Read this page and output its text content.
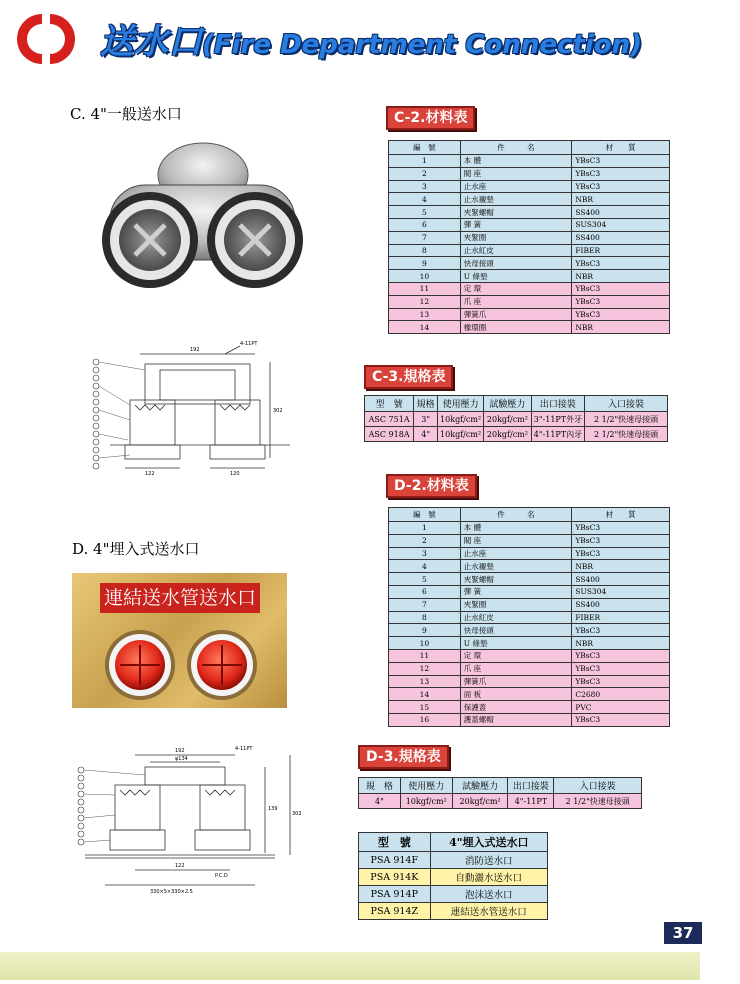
送水口(Fire Department Connection)
C. 4"一般送水口
192
4-11PT
302
122	120
C-2.材料表
編　號	件　　　名	材　　質
1	本 體	YBsC3
2	閥 座	YBsC3
3	止水座	YBsC3
4	止水襯墊	NBR
5	夾緊螺帽	SS400
6	彈 簧	SUS304
7	夾緊圈	SS400
8	止水紅皮	FIBER
9	快母接頭	YBsC3
10	U 條墊	NBR
11	定 環	YBsC3
12	爪 座	YBsC3
13	彈簧爪	YBsC3
14	橡環圈	NBR
C-3.規格表
型　號	規格	使用壓力	試驗壓力	出口接裝	入口接裝
ASC 751A	3"	10kgf/cm²	20kgf/cm²	3"-11PT外牙	2 1/2"快速母接頭
ASC 918A	4"	10kgf/cm²	20kgf/cm²	4"-11PT內牙	2 1/2"快速母接頭
D. 4"埋入式送水口
連結送水管送水口
192
φ134
4-11PT
139
302
122
P.C.D
330×5×330×2.5
D-2.材料表
編　號	件　　　名	材　　質
1	本 體	YBsC3
2	閥 座	YBsC3
3	止水座	YBsC3
4	止水襯墊	NBR
5	夾緊螺帽	SS400
6	彈 簧	SUS304
7	夾緊圈	SS400
8	止水紅皮	FIBER
9	快母接頭	YBsC3
10	U 條墊	NBR
11	定 環	YBsC3
12	爪 座	YBsC3
13	彈簧爪	YBsC3
14	面 板	C2680
15	保護蓋	PVC
16	護蓋螺帽	YBsC3
D-3.規格表
規　格	使用壓力	試驗壓力	出口接裝	入口接裝
4"	10kgf/cm²	20kgf/cm²	4"-11PT	2 1/2"快速母接頭
型　號	4"埋入式送水口
PSA 914F	消防送水口
PSA 914K	自動灑水送水口
PSA 914P	泡沫送水口
PSA 914Z	連結送水管送水口
37
